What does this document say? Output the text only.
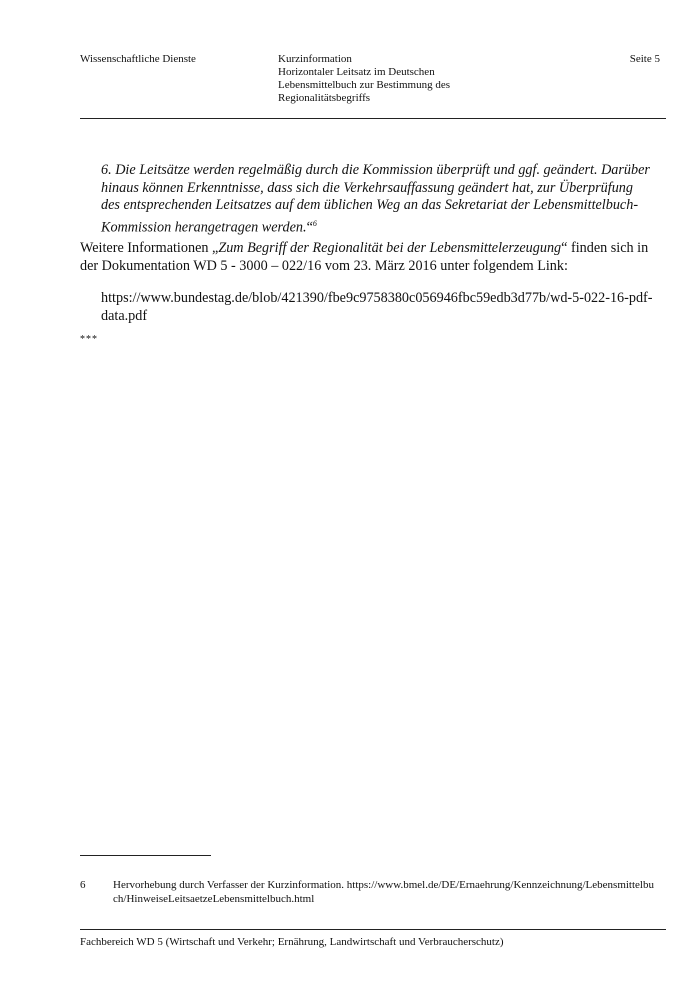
Wissenschaftliche Dienste	Kurzinformation
Horizontaler Leitsatz im Deutschen
Lebensmittelbuch zur Bestimmung des
Regionalitätsbegriffs
Seite 5
6. Die Leitsätze werden regelmäßig durch die Kommission überprüft und ggf. geändert. Darüber hinaus können Erkenntnisse, dass sich die Verkehrsauffassung geändert hat, zur Überprüfung des entsprechenden Leitsatzes auf dem üblichen Weg an das Sekretariat der Lebensmittelbuch- Kommission herangetragen werden.“$^6$
Weitere Informationen „Zum Begriff der Regionalität bei der Lebensmittelerzeugung“ finden sich in der Dokumentation WD 5 - 3000 – 022/16 vom 23. März 2016 unter folgendem Link:
https://www.bundestag.de/blob/421390/fbe9c9758380c056946fbc59edb3d77b/wd-5-022-16-pdf-data.pdf
***
6	Hervorhebung durch Verfasser der Kurzinformation. https://www.bmel.de/DE/Ernaehrung/Kennzeichnung/Lebensmittelbuch/HinweiseLeitsaetzeLebensmittelbuch.html
Fachbereich WD 5 (Wirtschaft und Verkehr; Ernährung, Landwirtschaft und Verbraucherschutz)
